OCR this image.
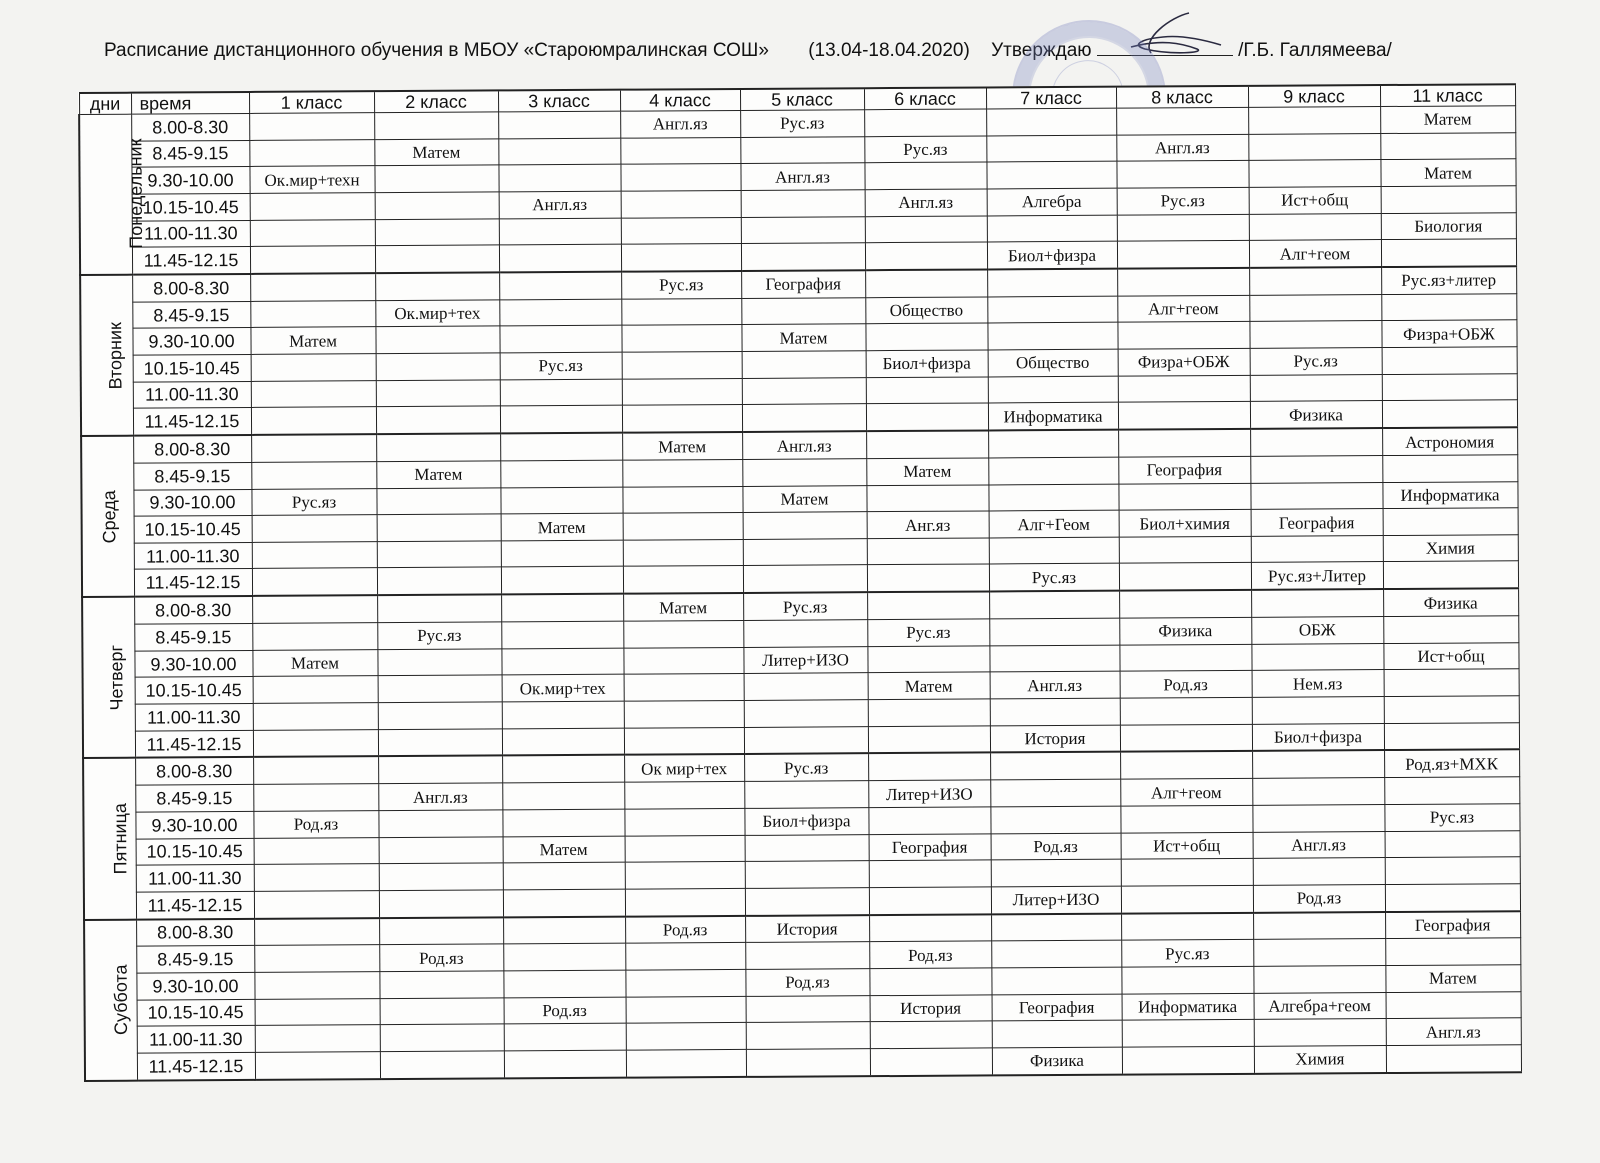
Расписание дистанционного обучения в МБОУ «Староюмралинская СОШ» (13.04-18.04.2020) Утверждаю	/Г.Б. Галлямеева/
дни	время	1 класс	2 класс	3 класс	4 класс	5 класс	6 класс	7 класс	8 класс	9 класс	11 класс
Понедельник	8.00-8.30				Англ.яз	Рус.яз					Матем
	8.45-9.15		Матем				Рус.яз		Англ.яз		
	9.30-10.00	Ок.мир+техн				Англ.яз					Матем
	10.15-10.45			Англ.яз			Англ.яз	Алгебра	Рус.яз	Ист+общ	
	11.00-11.30										Биология
	11.45-12.15							Биол+физра		Алг+геом	
Вторник	8.00-8.30				Рус.яз	География					Рус.яз+литер
	8.45-9.15		Ок.мир+тех				Общество		Алг+геом		
	9.30-10.00	Матем				Матем					Физра+ОБЖ
	10.15-10.45			Рус.яз			Биол+физра	Общество	Физра+ОБЖ	Рус.яз	
	11.00-11.30										
	11.45-12.15							Информатика		Физика	
Среда	8.00-8.30				Матем	Англ.яз					Астрономия
	8.45-9.15		Матем				Матем		География		
	9.30-10.00	Рус.яз				Матем					Информатика
	10.15-10.45			Матем			Анг.яз	Алг+Геом	Биол+химия	География	
	11.00-11.30										Химия
	11.45-12.15							Рус.яз		Рус.яз+Литер	
Четверг	8.00-8.30				Матем	Рус.яз					Физика
	8.45-9.15		Рус.яз				Рус.яз		Физика	ОБЖ	
	9.30-10.00	Матем				Литер+ИЗО					Ист+общ
	10.15-10.45			Ок.мир+тех			Матем	Англ.яз	Род.яз	Нем.яз	
	11.00-11.30										
	11.45-12.15							История		Биол+физра	
Пятница	8.00-8.30				Ок мир+тех	Рус.яз					Род.яз+МХК
	8.45-9.15		Англ.яз				Литер+ИЗО		Алг+геом		
	9.30-10.00	Род.яз				Биол+физра					Рус.яз
	10.15-10.45			Матем			География	Род.яз	Ист+общ	Англ.яз	
	11.00-11.30										
	11.45-12.15							Литер+ИЗО		Род.яз	
Суббота	8.00-8.30				Род.яз	История					География
	8.45-9.15		Род.яз				Род.яз		Рус.яз		
	9.30-10.00					Род.яз					Матем
	10.15-10.45			Род.яз			История	География	Информатика	Алгебра+геом	
	11.00-11.30										Англ.яз
	11.45-12.15							Физика		Химия	
